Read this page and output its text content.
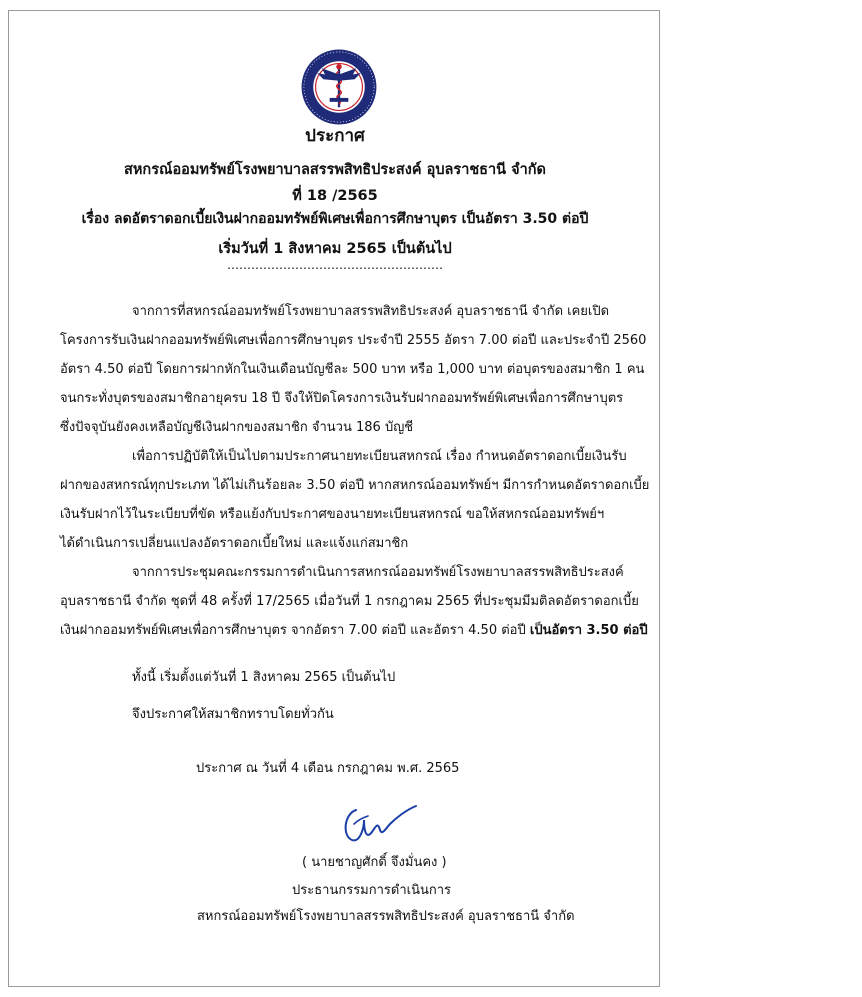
ประกาศ
สหกรณ์ออมทรัพย์โรงพยาบาลสรรพสิทธิประสงค์ อุบลราชธานี จำกัด
ที่ 18 /2565
เรื่อง ลดอัตราดอกเบี้ยเงินฝากออมทรัพย์พิเศษเพื่อการศึกษาบุตร เป็นอัตรา 3.50 ต่อปี
เริ่มวันที่ 1 สิงหาคม 2565 เป็นต้นไป
………………………………………………
จากการที่สหกรณ์ออมทรัพย์โรงพยาบาลสรรพสิทธิประสงค์ อุบลราชธานี จำกัด เคยเปิด
โครงการรับเงินฝากออมทรัพย์พิเศษเพื่อการศึกษาบุตร ประจำปี 2555 อัตรา 7.00 ต่อปี และประจำปี 2560
อัตรา 4.50 ต่อปี โดยการฝากหักในเงินเดือนบัญชีละ 500 บาท หรือ 1,000 บาท ต่อบุตรของสมาชิก 1 คน
จนกระทั่งบุตรของสมาชิกอายุครบ 18 ปี จึงให้ปิดโครงการเงินรับฝากออมทรัพย์พิเศษเพื่อการศึกษาบุตร
ซึ่งปัจจุบันยังคงเหลือบัญชีเงินฝากของสมาชิก จำนวน 186 บัญชี
เพื่อการปฏิบัติให้เป็นไปตามประกาศนายทะเบียนสหกรณ์ เรื่อง กำหนดอัตราดอกเบี้ยเงินรับ
ฝากของสหกรณ์ทุกประเภท ได้ไม่เกินร้อยละ 3.50 ต่อปี หากสหกรณ์ออมทรัพย์ฯ มีการกำหนดอัตราดอกเบี้ย
เงินรับฝากไว้ในระเบียบที่ขัด หรือแย้งกับประกาศของนายทะเบียนสหกรณ์ ขอให้สหกรณ์ออมทรัพย์ฯ
ได้ดำเนินการเปลี่ยนแปลงอัตราดอกเบี้ยใหม่ และแจ้งแก่สมาชิก
จากการประชุมคณะกรรมการดำเนินการสหกรณ์ออมทรัพย์โรงพยาบาลสรรพสิทธิประสงค์
อุบลราชธานี จำกัด ชุดที่ 48 ครั้งที่ 17/2565 เมื่อวันที่ 1 กรกฎาคม 2565 ที่ประชุมมีมติลดอัตราดอกเบี้ย
เงินฝากออมทรัพย์พิเศษเพื่อการศึกษาบุตร จากอัตรา 7.00 ต่อปี และอัตรา 4.50 ต่อปี เป็นอัตรา 3.50 ต่อปี
ทั้งนี้ เริ่มตั้งแต่วันที่ 1 สิงหาคม 2565 เป็นต้นไป
จึงประกาศให้สมาชิกทราบโดยทั่วกัน
ประกาศ ณ วันที่ 4 เดือน กรกฎาคม พ.ศ. 2565
( นายชาญศักดิ์ จึงมั่นคง )
ประธานกรรมการดำเนินการ
สหกรณ์ออมทรัพย์โรงพยาบาลสรรพสิทธิประสงค์ อุบลราชธานี จำกัด
